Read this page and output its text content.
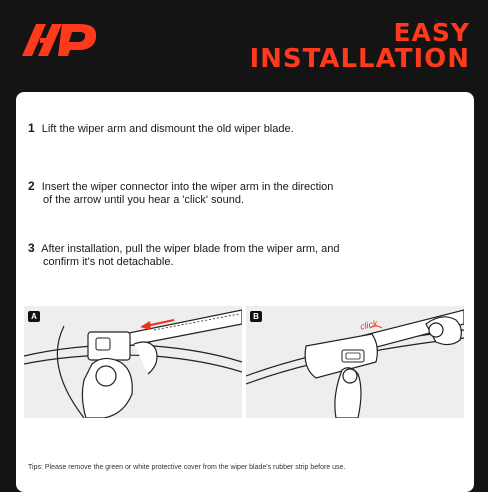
EASY
INSTALLATION
1 Lift the wiper arm and dismount the old wiper blade.
2 Insert the wiper connector into the wiper arm in the direction
of the arrow until you hear a 'click' sound.
3 After installation, pull the wiper blade from the wiper arm, and
confirm it's not detachable.
A	B
click
Tips: Please remove the green or white protective cover from the wiper blade's rubber strip before use.
